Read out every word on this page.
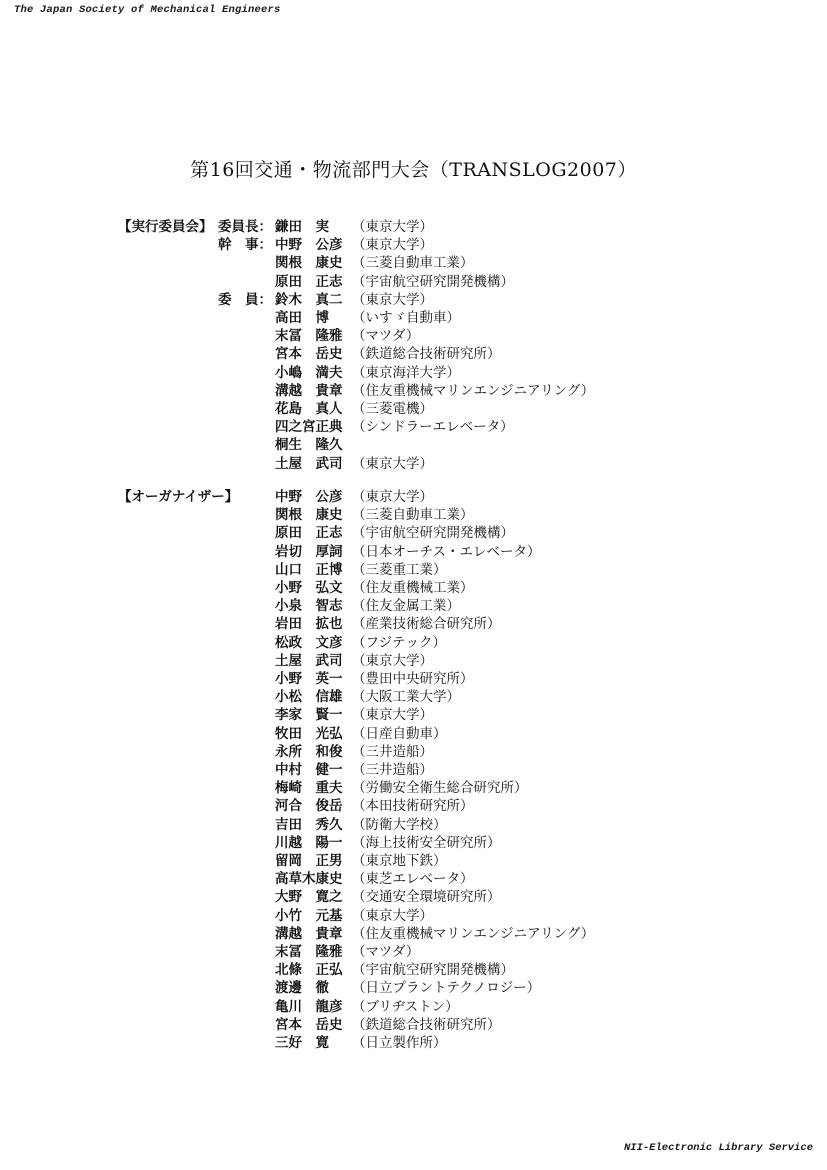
The Japan Society of Mechanical Engineers
第16回交通・物流部門大会（TRANSLOG2007）
【実行委員会】 委員長： 鎌田　実	（東京大学）
幹　事： 中野　公彦 （東京大学）
関根　康史 （三菱自動車工業）
原田　正志 （宇宙航空研究開発機構）
委　員： 鈴木　真二 （東京大学）
高田　博	（いすゞ自動車）
末冨　隆雅 （マツダ）
宮本　岳史 （鉄道総合技術研究所）
小嶋　満夫 （東京海洋大学）
溝越　貴章 （住友重機械マリンエンジニアリング）
花島　真人 （三菱電機）
四之宮正典 （シンドラーエレベータ）
桐生　隆久
土屋　武司 （東京大学）
【オーガナイザー】	中野　公彦 （東京大学）
関根　康史 （三菱自動車工業）
原田　正志 （宇宙航空研究開発機構）
岩切　厚詞 （日本オーチス・エレベータ）
山口　正博 （三菱重工業）
小野　弘文 （住友重機械工業）
小泉　智志 （住友金属工業）
岩田　拡也 （産業技術総合研究所）
松政　文彦 （フジテック）
土屋　武司 （東京大学）
小野　英一 （豊田中央研究所）
小松　信雄 （大阪工業大学）
李家　賢一 （東京大学）
牧田　光弘 （日産自動車）
永所　和俊 （三井造船）
中村　健一 （三井造船）
梅崎　重夫 （労働安全衛生総合研究所）
河合　俊岳 （本田技術研究所）
吉田　秀久 （防衛大学校）
川越　陽一 （海上技術安全研究所）
留岡　正男 （東京地下鉄）
高草木康史 （東芝エレベータ）
大野　寛之 （交通安全環境研究所）
小竹　元基 （東京大学）
溝越　貴章 （住友重機械マリンエンジニアリング）
末冨　隆雅 （マツダ）
北條　正弘 （宇宙航空研究開発機構）
渡邊　徹	（日立プラントテクノロジー）
亀川　龍彦 （ブリヂストン）
宮本　岳史 （鉄道総合技術研究所）
三好　寛	（日立製作所）
NII-Electronic Library Service
